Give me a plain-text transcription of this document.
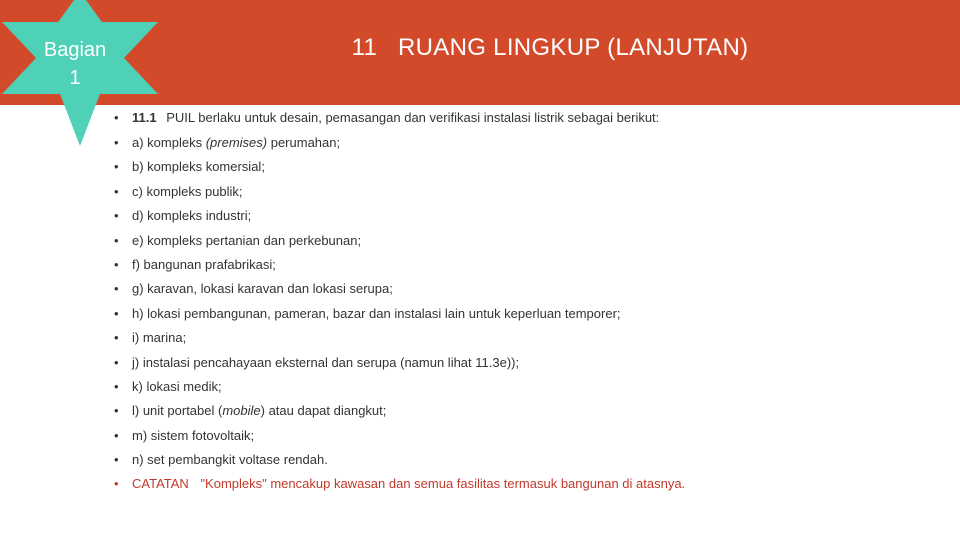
11   RUANG LINGKUP (LANJUTAN)
Bagian
1
• 11.1 PUIL berlaku untuk desain, pemasangan dan verifikasi instalasi listrik sebagai berikut:
• a) kompleks (premises) perumahan;
• b) kompleks komersial;
• c) kompleks publik;
• d) kompleks industri;
• e) kompleks pertanian dan perkebunan;
• f) bangunan prafabrikasi;
• g) karavan, lokasi karavan dan lokasi serupa;
• h) lokasi pembangunan, pameran, bazar dan instalasi lain untuk keperluan temporer;
• i) marina;
• j) instalasi pencahayaan eksternal dan serupa (namun lihat 11.3e));
• k) lokasi medik;
• l) unit portabel (mobile) atau dapat diangkut;
• m) sistem fotovoltaik;
• n) set pembangkit voltase rendah.
• CATATAN "Kompleks" mencakup kawasan dan semua fasilitas termasuk bangunan di atasnya.
